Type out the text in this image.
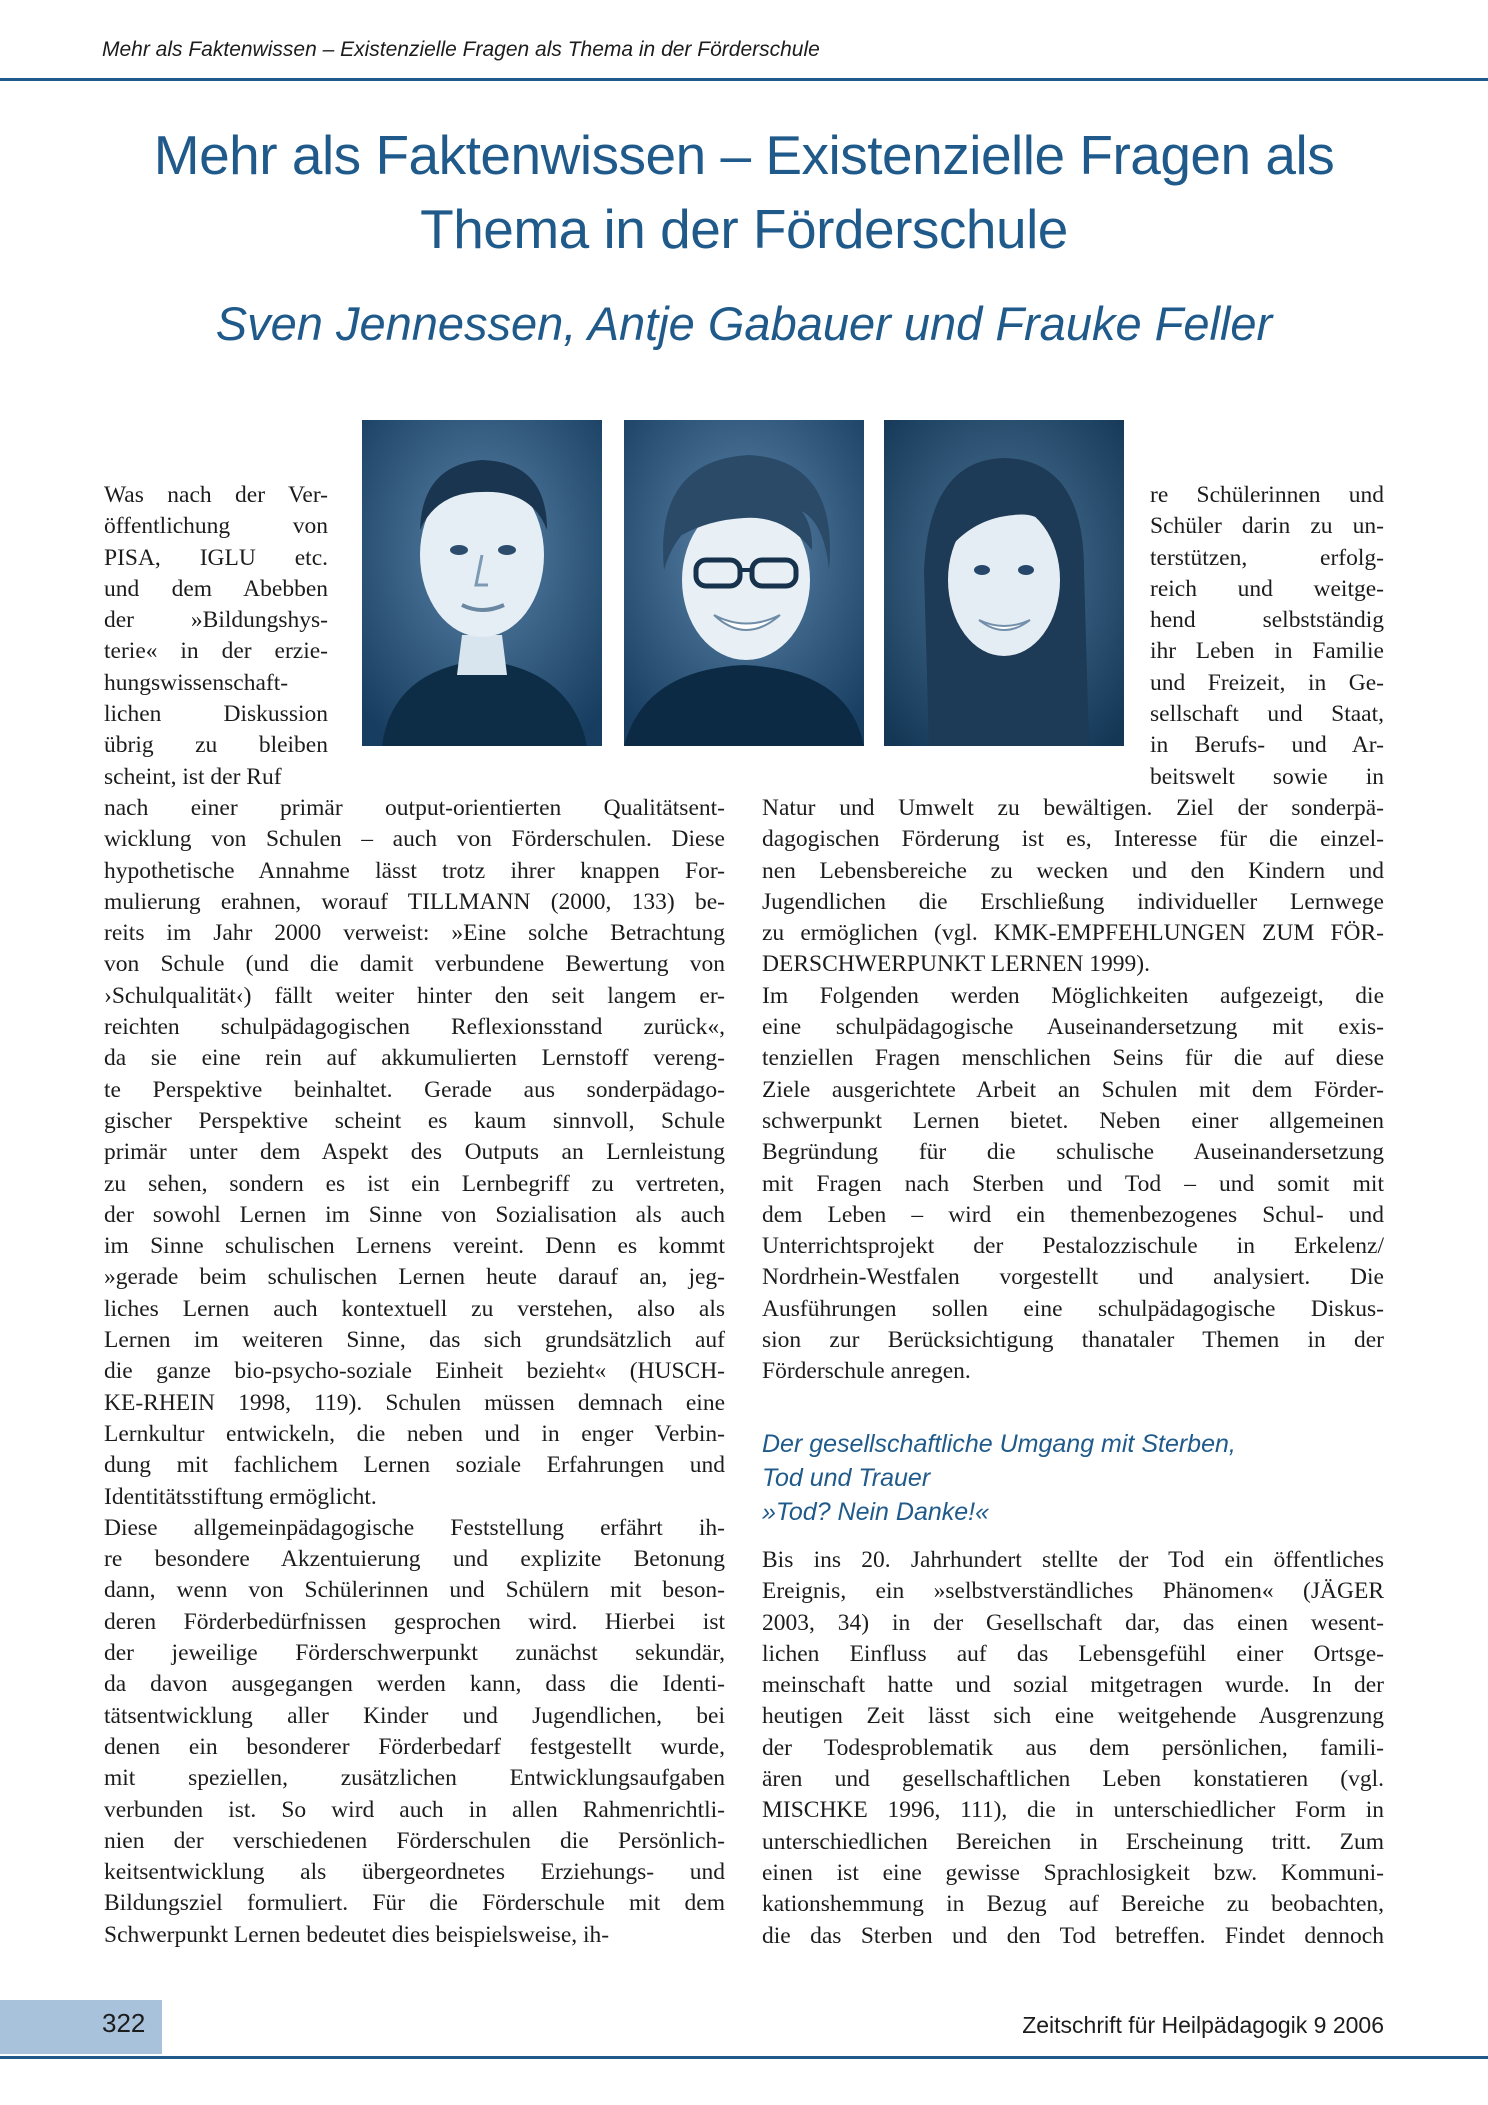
Mehr als Faktenwissen – Existenzielle Fragen als Thema in der Förderschule
Mehr als Faktenwissen – Existenzielle Fragen als
Thema in der Förderschule
Sven Jennessen, Antje Gabauer und Frauke Feller
Was nach der Ver-
öffentlichung von
PISA, IGLU etc.
und dem Abebben
der »Bildungshys-
terie« in der erzie-
hungswissenschaft-
lichen Diskussion
übrig zu bleiben
scheint, ist der Ruf
re Schülerinnen und
Schüler darin zu un-
terstützen, erfolg-
reich und weitge-
hend selbstständig
ihr Leben in Familie
und Freizeit, in Ge-
sellschaft und Staat,
in Berufs- und Ar-
beitswelt sowie in
nach einer primär output-orientierten Qualitätsent-
wicklung von Schulen – auch von Förderschulen. Diese
hypothetische Annahme lässt trotz ihrer knappen For-
mulierung erahnen, worauf TILLMANN (2000, 133) be-
reits im Jahr 2000 verweist: »Eine solche Betrachtung
von Schule (und die damit verbundene Bewertung von
›Schulqualität‹) fällt weiter hinter den seit langem er-
reichten schulpädagogischen Reflexionsstand zurück«,
da sie eine rein auf akkumulierten Lernstoff vereng-
te Perspektive beinhaltet. Gerade aus sonderpädago-
gischer Perspektive scheint es kaum sinnvoll, Schule
primär unter dem Aspekt des Outputs an Lernleistung
zu sehen, sondern es ist ein Lernbegriff zu vertreten,
der sowohl Lernen im Sinne von Sozialisation als auch
im Sinne schulischen Lernens vereint. Denn es kommt
»gerade beim schulischen Lernen heute darauf an, jeg-
liches Lernen auch kontextuell zu verstehen, also als
Lernen im weiteren Sinne, das sich grundsätzlich auf
die ganze bio-psycho-soziale Einheit bezieht« (HUSCH-
KE-RHEIN 1998, 119). Schulen müssen demnach eine
Lernkultur entwickeln, die neben und in enger Verbin-
dung mit fachlichem Lernen soziale Erfahrungen und
Identitätsstiftung ermöglicht.
Diese allgemeinpädagogische Feststellung erfährt ih-
re besondere Akzentuierung und explizite Betonung
dann, wenn von Schülerinnen und Schülern mit beson-
deren Förderbedürfnissen gesprochen wird. Hierbei ist
der jeweilige Förderschwerpunkt zunächst sekundär,
da davon ausgegangen werden kann, dass die Identi-
tätsentwicklung aller Kinder und Jugendlichen, bei
denen ein besonderer Förderbedarf festgestellt wurde,
mit speziellen, zusätzlichen Entwicklungsaufgaben
verbunden ist. So wird auch in allen Rahmenrichtli-
nien der verschiedenen Förderschulen die Persönlich-
keitsentwicklung als übergeordnetes Erziehungs- und
Bildungsziel formuliert. Für die Förderschule mit dem
Schwerpunkt Lernen bedeutet dies beispielsweise, ih-
Natur und Umwelt zu bewältigen. Ziel der sonderpä-
dagogischen Förderung ist es, Interesse für die einzel-
nen Lebensbereiche zu wecken und den Kindern und
Jugendlichen die Erschließung individueller Lernwege
zu ermöglichen (vgl. KMK-EMPFEHLUNGEN ZUM FÖR-
DERSCHWERPUNKT LERNEN 1999).
Im Folgenden werden Möglichkeiten aufgezeigt, die
eine schulpädagogische Auseinandersetzung mit exis-
tenziellen Fragen menschlichen Seins für die auf diese
Ziele ausgerichtete Arbeit an Schulen mit dem Förder-
schwerpunkt Lernen bietet. Neben einer allgemeinen
Begründung für die schulische Auseinandersetzung
mit Fragen nach Sterben und Tod – und somit mit
dem Leben – wird ein themenbezogenes Schul- und
Unterrichtsprojekt der Pestalozzischule in Erkelenz/
Nordrhein-Westfalen vorgestellt und analysiert. Die
Ausführungen sollen eine schulpädagogische Diskus-
sion zur Berücksichtigung thanataler Themen in der
Förderschule anregen.
Der gesellschaftliche Umgang mit Sterben,
Tod und Trauer
»Tod? Nein Danke!«
Bis ins 20. Jahrhundert stellte der Tod ein öffentliches
Ereignis, ein »selbstverständliches Phänomen« (JÄGER
2003, 34) in der Gesellschaft dar, das einen wesent-
lichen Einfluss auf das Lebensgefühl einer Ortsge-
meinschaft hatte und sozial mitgetragen wurde. In der
heutigen Zeit lässt sich eine weitgehende Ausgrenzung
der Todesproblematik aus dem persönlichen, famili-
ären und gesellschaftlichen Leben konstatieren (vgl.
MISCHKE 1996, 111), die in unterschiedlicher Form in
unterschiedlichen Bereichen in Erscheinung tritt. Zum
einen ist eine gewisse Sprachlosigkeit bzw. Kommuni-
kationshemmung in Bezug auf Bereiche zu beobachten,
die das Sterben und den Tod betreffen. Findet dennoch
322	Zeitschrift für Heilpädagogik 9 2006
